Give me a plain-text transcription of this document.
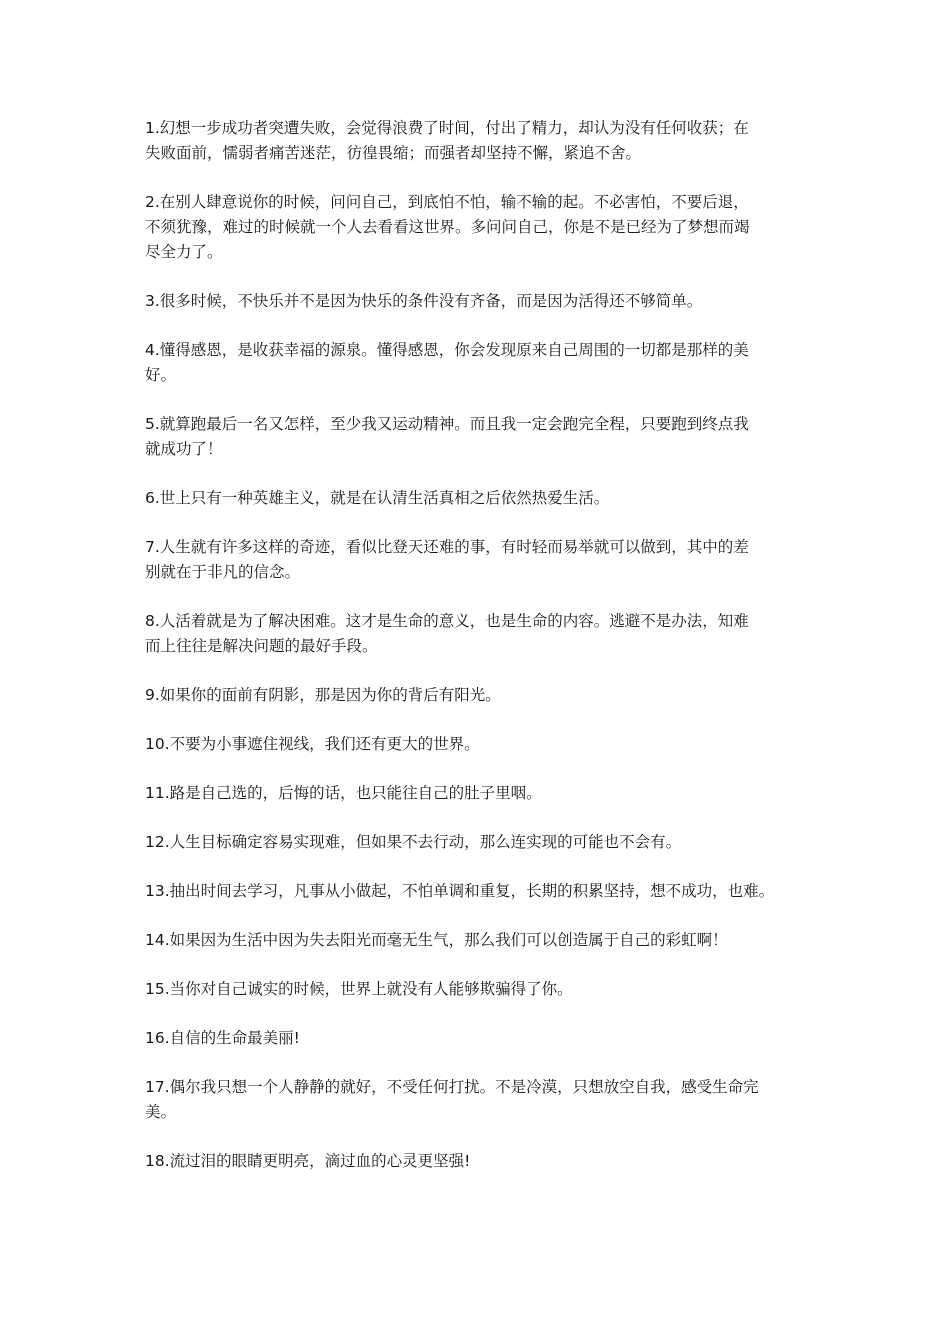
1.幻想一步成功者突遭失败，会觉得浪费了时间，付出了精力，却认为没有任何收获；在
失败面前，懦弱者痛苦迷茫，彷徨畏缩；而强者却坚持不懈，紧追不舍。

2.在别人肆意说你的时候，问问自己，到底怕不怕，输不输的起。不必害怕，不要后退，
不须犹豫，难过的时候就一个人去看看这世界。多问问自己，你是不是已经为了梦想而竭
尽全力了。

3.很多时候，不快乐并不是因为快乐的条件没有齐备，而是因为活得还不够简单。

4.懂得感恩，是收获幸福的源泉。懂得感恩，你会发现原来自己周围的一切都是那样的美
好。

5.就算跑最后一名又怎样，至少我又运动精神。而且我一定会跑完全程，只要跑到终点我
就成功了！

6.世上只有一种英雄主义，就是在认清生活真相之后依然热爱生活。

7.人生就有许多这样的奇迹，看似比登天还难的事，有时轻而易举就可以做到，其中的差
别就在于非凡的信念。

8.人活着就是为了解决困难。这才是生命的意义，也是生命的内容。逃避不是办法，知难
而上往往是解决问题的最好手段。

9.如果你的面前有阴影，那是因为你的背后有阳光。

10.不要为小事遮住视线，我们还有更大的世界。

11.路是自己选的，后悔的话，也只能往自己的肚子里咽。

12.人生目标确定容易实现难，但如果不去行动，那么连实现的可能也不会有。

13.抽出时间去学习，凡事从小做起，不怕单调和重复，长期的积累坚持，想不成功，也难。

14.如果因为生活中因为失去阳光而毫无生气，那么我们可以创造属于自己的彩虹啊！

15.当你对自己诚实的时候，世界上就没有人能够欺骗得了你。

16.自信的生命最美丽!

17.偶尔我只想一个人静静的就好，不受任何打扰。不是冷漠，只想放空自我，感受生命完
美。

18.流过泪的眼睛更明亮，滴过血的心灵更坚强!
